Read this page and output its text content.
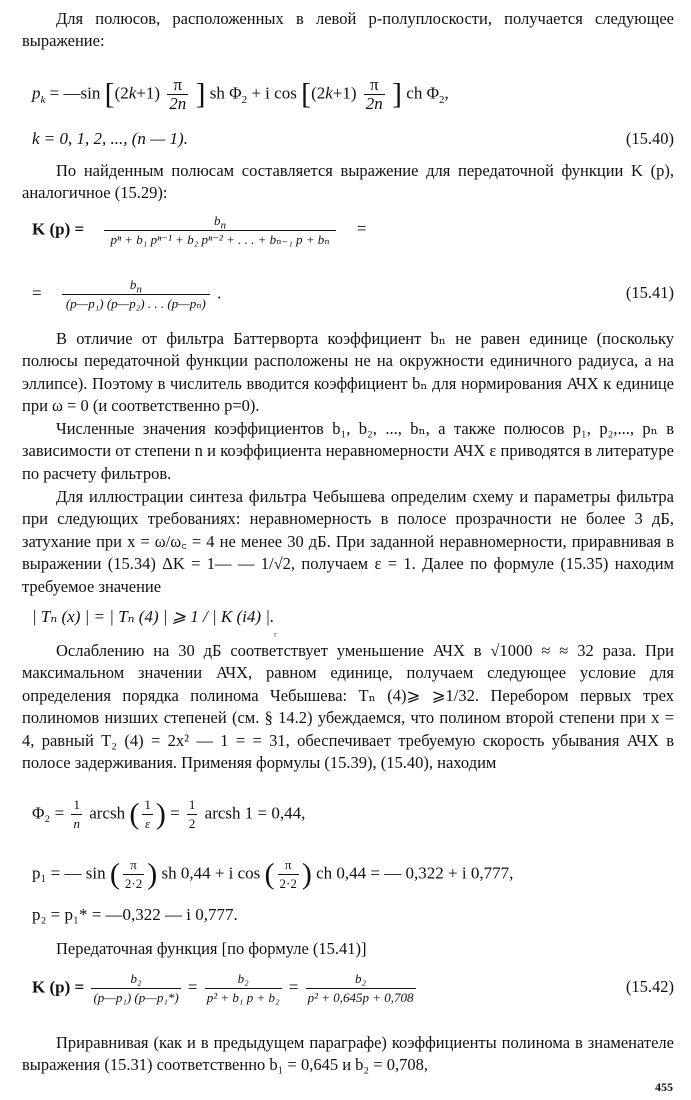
Для полюсов, расположенных в левой p-полуплоскости, получается следующее выражение:

$p_k$ = —sin [$(2k+1) \frac{\pi}{2n}$ ] sh $\Phi_2 + i$ $\cos [(2k+1) \frac{\pi}{2n}$ ] ch $\Phi_2$,
k = 0, 1, 2, ..., (n — 1).	(15.40)

По найденным полюсам составляется выражение для передаточной функции K (p), аналогичное (15.29):

K $(p) = \frac{b_n}{\text{pⁿ + b₁ pⁿ⁻¹ + b₂ pⁿ⁻² + . . . + bₙ₋₁ p + bₙ}}$ =
= $\frac{b_n}{\text{(p—p₁) (p—p₂) . . . (p—pₙ)}}$ .	(15.41)

В отличие от фильтра Баттерворта коэффициент bₙ не равен единице (поскольку полюсы передаточной функции расположены не на окружности единичного радиуса, а на эллипсе). Поэтому в числитель вводится коэффициент bₙ для нормирования АЧХ к единице при ω = 0 (и соответственно p=0).

Численные значения коэффициентов b₁, b₂, ..., bₙ, а также полюсов p₁, p₂,..., pₙ в зависимости от степени n и коэффициента неравномерности АЧХ ε приводятся в литературе по расчету фильтров.

Для иллюстрации синтеза фильтра Чебышева определим схему и параметры фильтра при следующих требованиях: неравномерность в полосе прозрачности не более 3 дБ, затухание при x = ω/ω꜀ = 4 не менее 30 дБ. При заданной неравномерности, приравнивая в выражении (15.34) ΔK = 1— — 1/√2, получаем ε = 1. Далее по формуле (15.35) находим требуемое значение

| Tₙ (x) | = | Tₙ (4) | ⩾ 1 / | K (i4) |.
r

Ослаблению на 30 дБ соответствует уменьшение АЧХ в √1000 ≈ ≈ 32 раза. При максимальном значении АЧХ, равном единице, получаем следующее условие для определения порядка полинома Чебышева: Tₙ (4)⩾ ⩾1/32. Перебором первых трех полиномов низших степеней (см. § 14.2) убеждаемся, что полином второй степени при x = 4, равный T₂ (4) = 2x² — 1 = = 31, обеспечивает требуемую скорость убывания АЧХ в полосе задерживания. Применяя формулы (15.39), (15.40), находим

$\Phi_2 = \frac{1}{n}$ arcsh ( $\frac{1}{\varepsilon}$ ) = $\frac{1}{2}$ arcsh 1 = 0,44,
p₁ = — sin ( $\frac{\pi}{2\cdot 2}$ ) sh 0,44 + i cos ( $\frac{\pi}{2\cdot 2}$ ) ch 0,44 = — 0,322 + i 0,777,
p₂ = p₁* = —0,322 — i 0,777.

Передаточная функция [по формуле (15.41)]

K $(p) = \frac{\text{b₂}}{\text{(p—p₁) (p—p₁*)}} = \frac{\text{b₂}}{\text{p² + b₁ p + b₂}} = \frac{\text{b₂}}{\text{p² + 0,645p + 0,708}}$	(15.42)

Приравнивая (как и в предыдущем параграфе) коэффициенты полинома в знаменателе выражения (15.31) соответственно b₁ = 0,645 и b₂ = 0,708,

455
